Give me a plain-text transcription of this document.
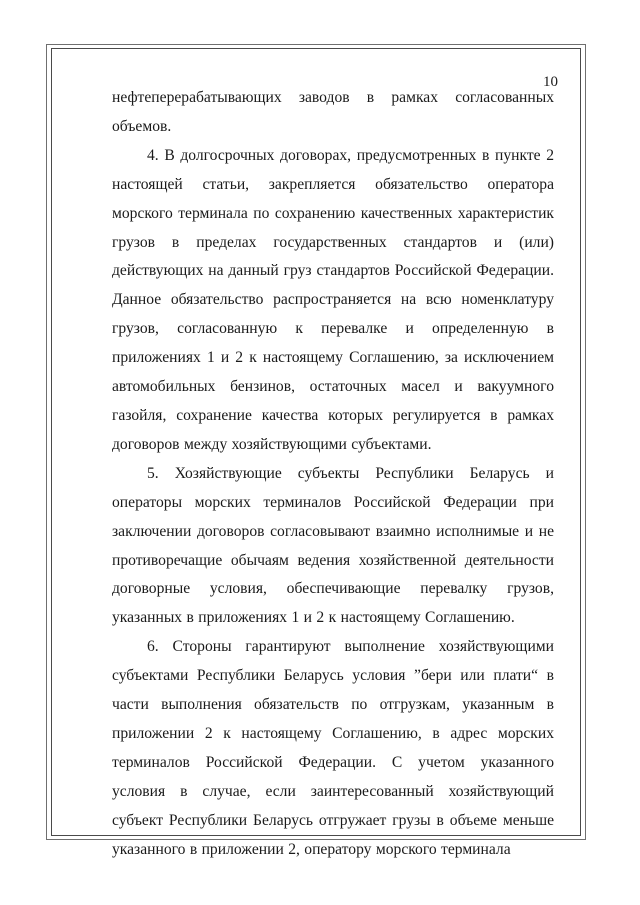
10

нефтеперерабатывающих заводов в рамках согласованных объемов.

4. В долгосрочных договорах, предусмотренных в пункте 2 настоящей статьи, закрепляется обязательство оператора морского терминала по сохранению качественных характеристик грузов в пределах государственных стандартов и (или) действующих на данный груз стандартов Российской Федерации. Данное обязательство распространяется на всю номенклатуру грузов, согласованную к перевалке и определенную в приложениях 1 и 2 к настоящему Соглашению, за исключением автомобильных бензинов, остаточных масел и вакуумного газойля, сохранение качества которых регулируется в рамках договоров между хозяйствующими субъектами.

5. Хозяйствующие субъекты Республики Беларусь и операторы морских терминалов Российской Федерации при заключении договоров согласовывают взаимно исполнимые и не противоречащие обычаям ведения хозяйственной деятельности договорные условия, обеспечивающие перевалку грузов, указанных в приложениях 1 и 2 к настоящему Соглашению.

6. Стороны гарантируют выполнение хозяйствующими субъектами Республики Беларусь условия ”бери или плати“ в части выполнения обязательств по отгрузкам, указанным в приложении 2 к настоящему Соглашению, в адрес морских терминалов Российской Федерации. С учетом указанного условия в случае, если заинтересованный хозяйствующий субъект Республики Беларусь отгружает грузы в объеме меньше указанного в приложении 2, оператору морского терминала
